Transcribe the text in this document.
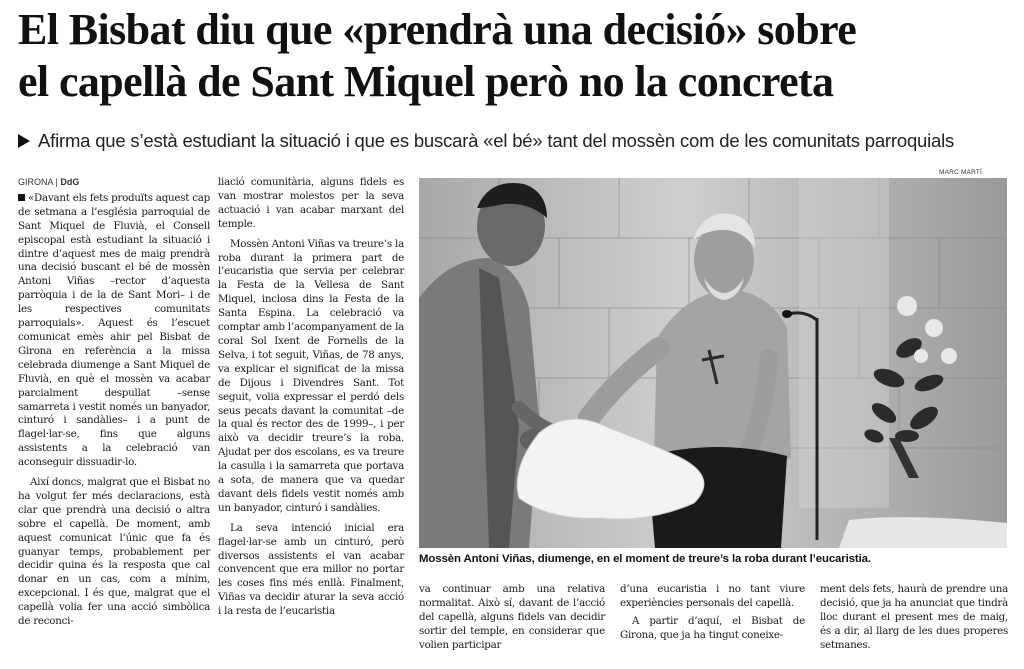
El Bisbat diu que «prendrà una decisió» sobre
el capellà de Sant Miquel però no la concreta
Afirma que s’està estudiant la situació i que es buscarà «el bé» tant del mossèn com de les comunitats parroquials
GIRONA | DdG

«Davant els fets produïts aquest cap de setmana a l’església parroquial de Sant Miquel de Fluvià, el Consell episcopal està estudiant la situació i dintre d’aquest mes de maig prendrà una decisió buscant el bé de mossèn Antoni Viñas –rector d’aquesta parròquia i de la de Sant Mori– i de les respectives comunitats parroquials». Aquest és l’escuet comunicat emès ahir pel Bisbat de Girona en referència a la missa celebrada diumenge a Sant Miquel de Fluvià, en què el mossèn va acabar parcialment despullat –sense samarreta i vestit només un banyador, cinturó i sandàlies– i a punt de flagel·lar-se, fins que alguns assistents a la celebració van aconseguir dissuadir-lo.

Així doncs, malgrat que el Bisbat no ha volgut fer més declaracions, està clar que prendrà una decisió o altra sobre el capellà. De moment, amb aquest comunicat l’únic que fa és guanyar temps, probablement per decidir quina és la resposta que cal donar en un cas, com a mínim, excepcional. I és que, malgrat que el capellà volia fer una acció simbòlica de reconci-

liació comunitària, alguns fidels es van mostrar molestos per la seva actuació i van acabar marxant del temple.

Mossèn Antoni Viñas va treure’s la roba durant la primera part de l’eucaristia que servia per celebrar la Festa de la Vellesa de Sant Miquel, inclosa dins la Festa de la Santa Espina. La celebració va comptar amb l’acompanyament de la coral Sol Ixent de Fornells de la Selva, i tot seguit, Viñas, de 78 anys, va explicar el significat de la missa de Dijous i Divendres Sant. Tot seguit, volia expressar el perdó dels seus pecats davant la comunitat –de la qual és rector des de 1999–, i per això va decidir treure’s la roba. Ajudat per dos escolans, es va treure la casulla i la samarreta que portava a sota, de manera que va quedar davant dels fidels vestit només amb un banyador, cinturó i sandàlies.

La seva intenció inicial era flagel·lar-se amb un cinturó, però diversos assistents el van acabar convencent que era millor no portar les coses fins més enllà. Finalment, Viñas va decidir aturar la seva acció i la resta de l’eucaristia

MARC MARTÍ
Mossèn Antoni Viñas, diumenge, en el moment de treure’s la roba durant l’eucaristia.

va continuar amb una relativa normalitat. Això sí, davant de l’acció del capellà, alguns fidels van decidir sortir del temple, en considerar que volien participar

d’una eucaristia i no tant viure experiències personals del capellà.

A partir d’aquí, el Bisbat de Girona, que ja ha tingut coneixe-

ment dels fets, haurà de prendre una decisió, que ja ha anunciat que tindrà lloc durant el present mes de maig, és a dir, al llarg de les dues properes setmanes.
